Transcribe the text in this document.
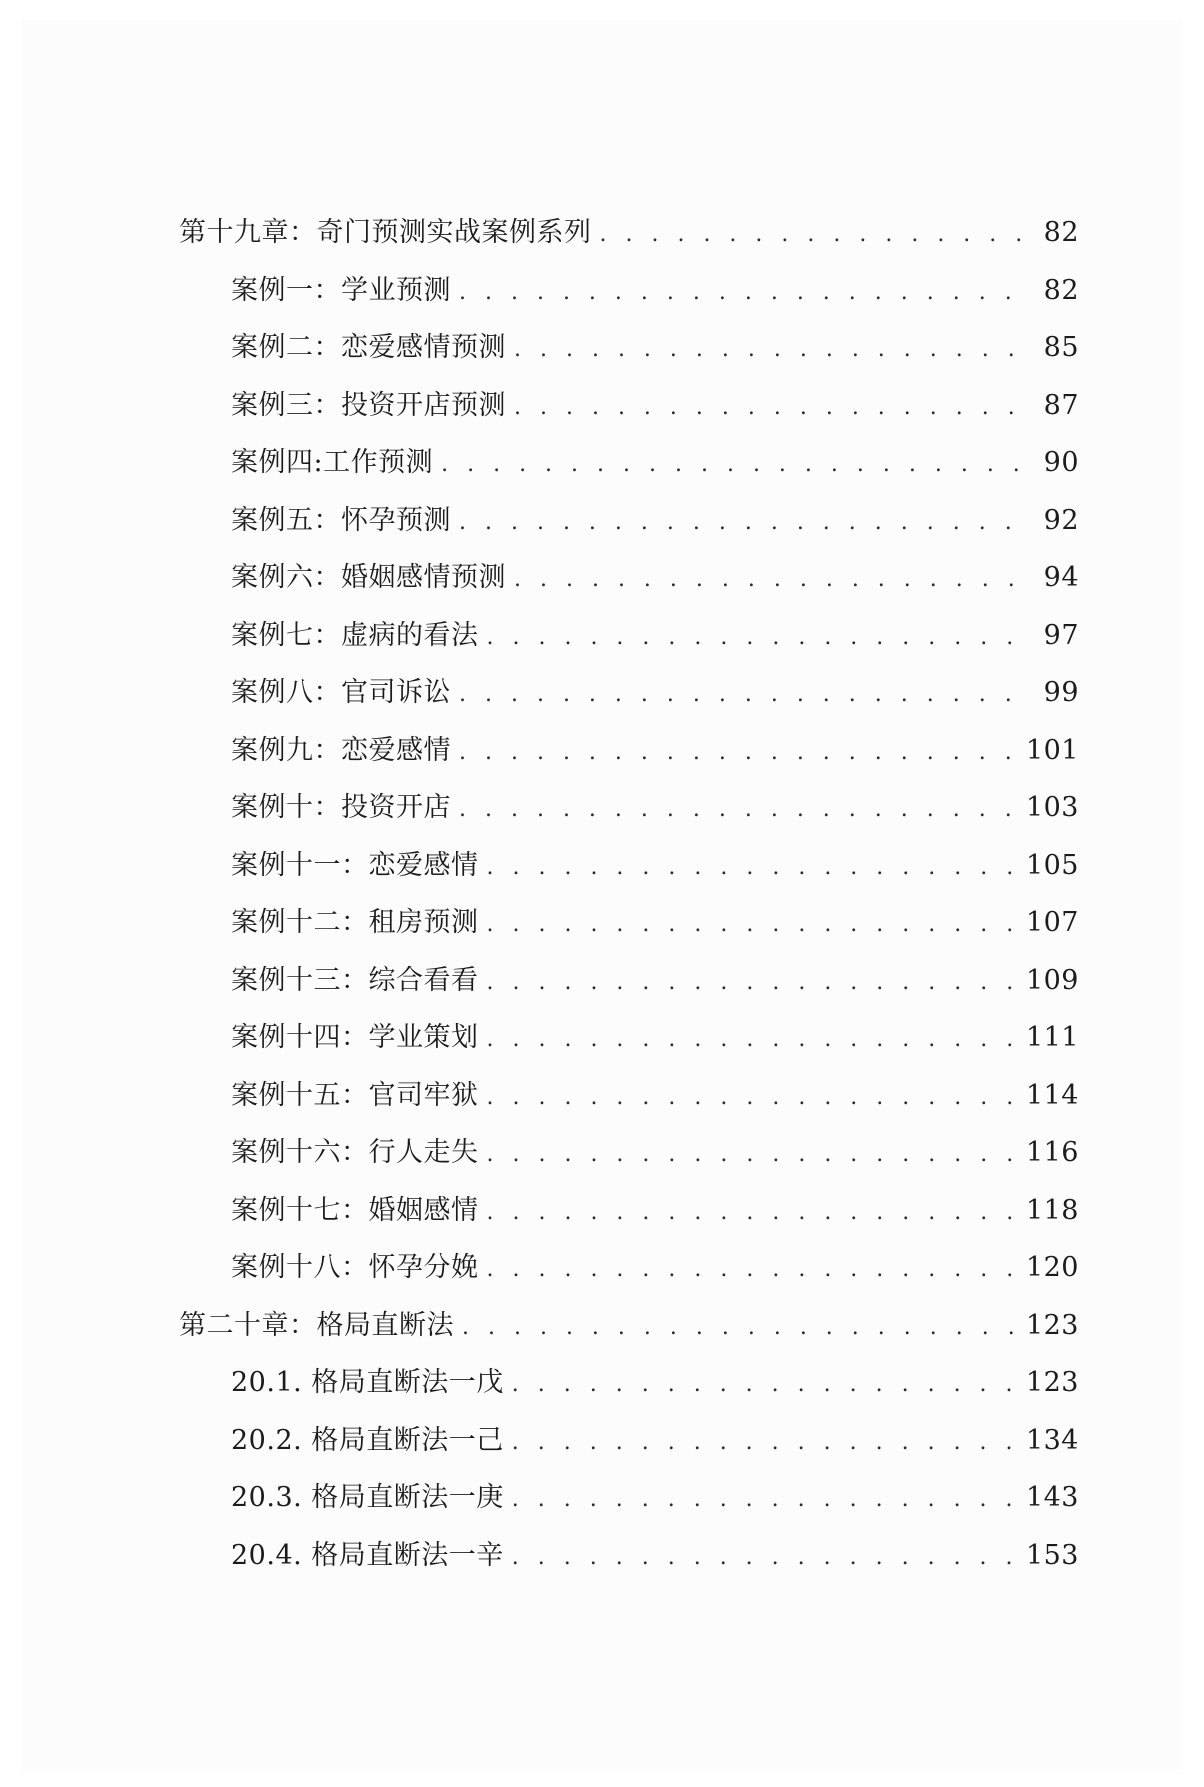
第十九章：奇门预测实战案例系列 . . .	82
案例一：学业预测 . . .	82
案例二：恋爱感情预测 . . .	85
案例三：投资开店预测 . . .	87
案例四:工作预测 . . .	90
案例五：怀孕预测 . . .	92
案例六：婚姻感情预测 . . .	94
案例七：虚病的看法 . . .	97
案例八：官司诉讼 . . .	99
案例九：恋爱感情 . . .	101
案例十：投资开店 . . .	103
案例十一：恋爱感情 . . .	105
案例十二：租房预测 . . .	107
案例十三：综合看看 . . .	109
案例十四：学业策划 . . .	111
案例十五：官司牢狱 . . .	114
案例十六：行人走失 . . .	116
案例十七：婚姻感情 . . .	118
案例十八：怀孕分娩 . . .	120
第二十章：格局直断法 . . .	123
20.1. 格局直断法一戊 . . .	123
20.2. 格局直断法一己 . . .	134
20.3. 格局直断法一庚 . . .	143
20.4. 格局直断法一辛 . . .	153
